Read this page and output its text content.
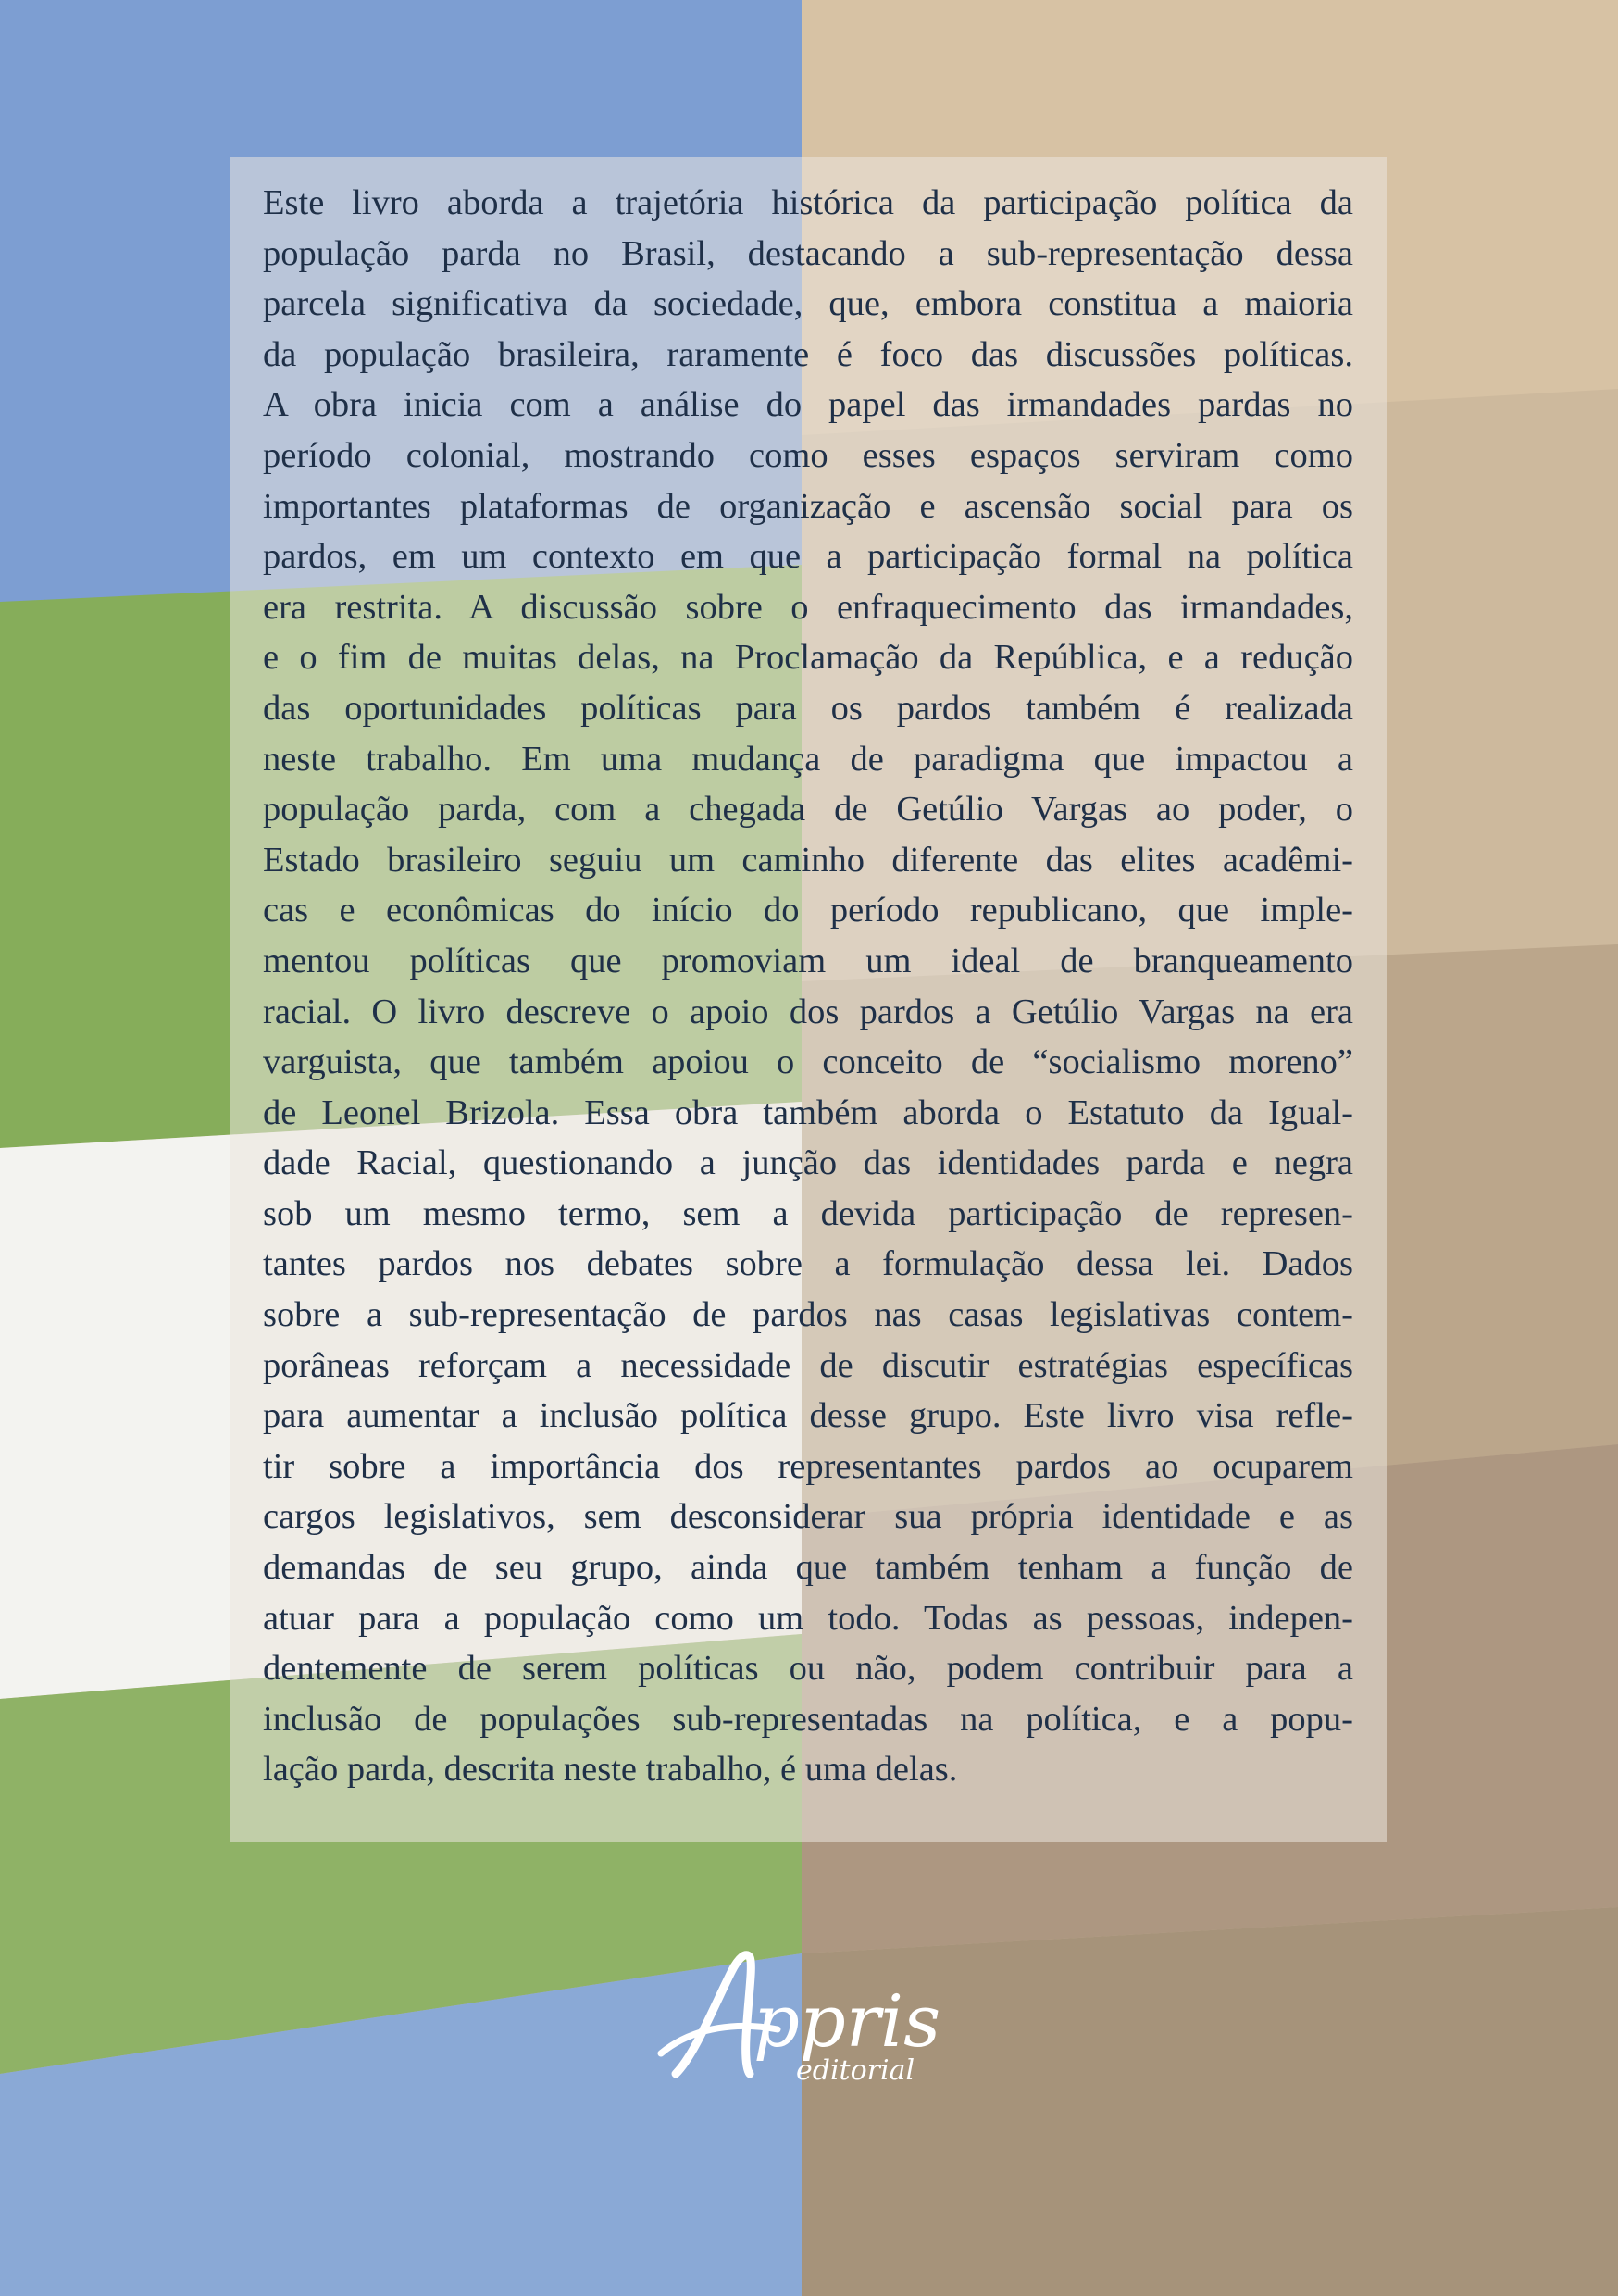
Este livro aborda a trajetória histórica da participação política da
população parda no Brasil, destacando a sub-representação dessa
parcela significativa da sociedade, que, embora constitua a maioria
da população brasileira, raramente é foco das discussões políticas.
A obra inicia com a análise do papel das irmandades pardas no
período colonial, mostrando como esses espaços serviram como
importantes plataformas de organização e ascensão social para os
pardos, em um contexto em que a participação formal na política
era restrita. A discussão sobre o enfraquecimento das irmandades,
e o fim de muitas delas, na Proclamação da República, e a redução
das oportunidades políticas para os pardos também é realizada
neste trabalho. Em uma mudança de paradigma que impactou a
população parda, com a chegada de Getúlio Vargas ao poder, o
Estado brasileiro seguiu um caminho diferente das elites acadêmi-
cas e econômicas do início do período republicano, que imple-
mentou políticas que promoviam um ideal de branqueamento
racial. O livro descreve o apoio dos pardos a Getúlio Vargas na era
varguista, que também apoiou o conceito de “socialismo moreno”
de Leonel Brizola. Essa obra também aborda o Estatuto da Igual-
dade Racial, questionando a junção das identidades parda e negra
sob um mesmo termo, sem a devida participação de represen-
tantes pardos nos debates sobre a formulação dessa lei. Dados
sobre a sub-representação de pardos nas casas legislativas contem-
porâneas reforçam a necessidade de discutir estratégias específicas
para aumentar a inclusão política desse grupo. Este livro visa refle-
tir sobre a importância dos representantes pardos ao ocuparem
cargos legislativos, sem desconsiderar sua própria identidade e as
demandas de seu grupo, ainda que também tenham a função de
atuar para a população como um todo. Todas as pessoas, indepen-
dentemente de serem políticas ou não, podem contribuir para a
inclusão de populações sub-representadas na política, e a popu-
lação parda, descrita neste trabalho, é uma delas.

ppris
editorial
